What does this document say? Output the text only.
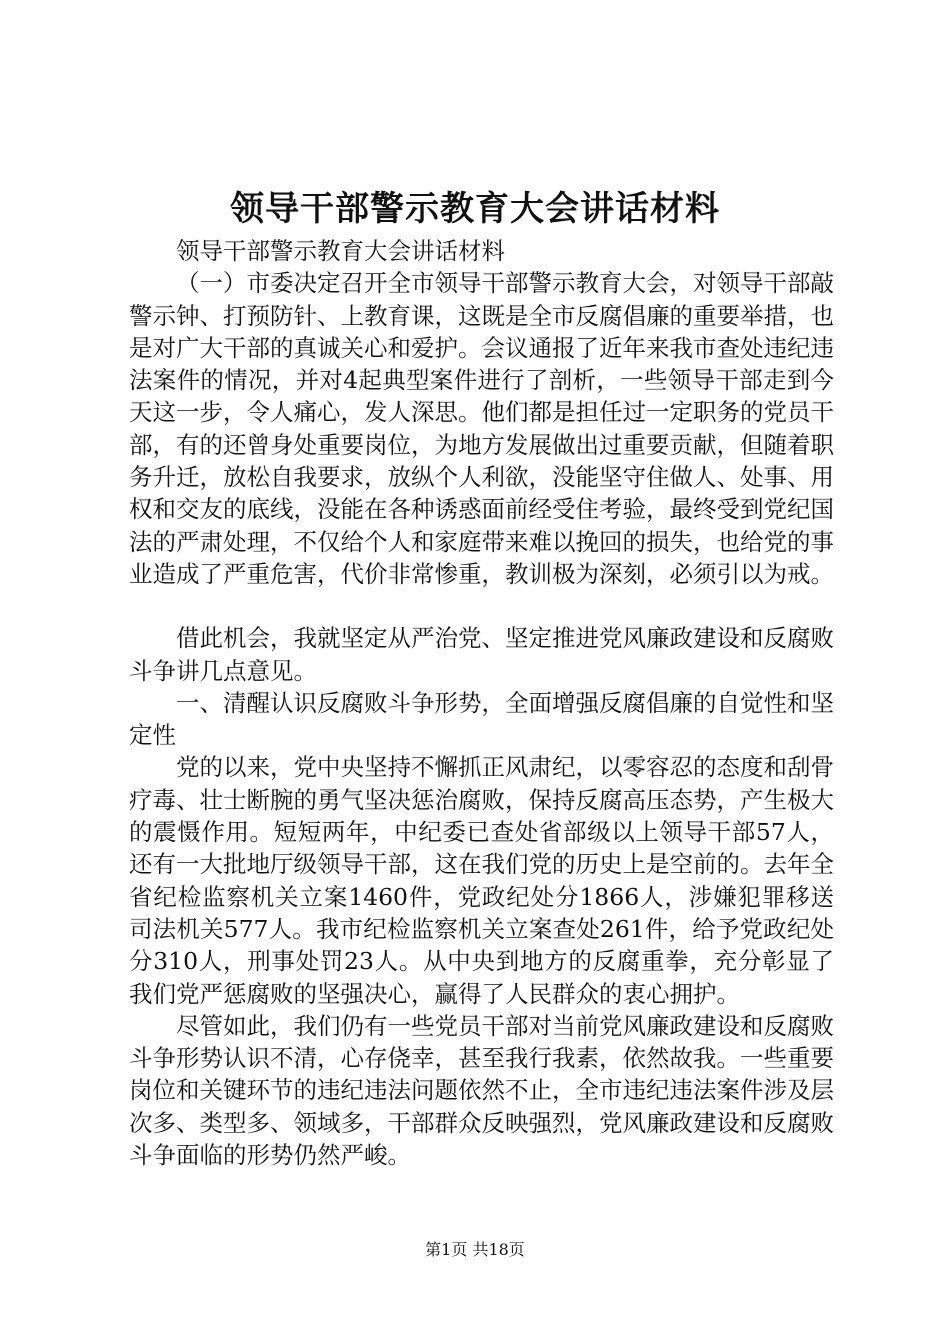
领导干部警示教育大会讲话材料

领导干部警示教育大会讲话材料

（一）市委决定召开全市领导干部警示教育大会，对领导干部敲警示钟、打预防针、上教育课，这既是全市反腐倡廉的重要举措，也是对广大干部的真诚关心和爱护。会议通报了近年来我市查处违纪违法案件的情况，并对4起典型案件进行了剖析，一些领导干部走到今天这一步，令人痛心，发人深思。他们都是担任过一定职务的党员干部，有的还曾身处重要岗位，为地方发展做出过重要贡献，但随着职务升迁，放松自我要求，放纵个人利欲，没能坚守住做人、处事、用权和交友的底线，没能在各种诱惑面前经受住考验，最终受到党纪国法的严肃处理，不仅给个人和家庭带来难以挽回的损失，也给党的事业造成了严重危害，代价非常惨重，教训极为深刻，必须引以为戒。

借此机会，我就坚定从严治党、坚定推进党风廉政建设和反腐败斗争讲几点意见。

一、清醒认识反腐败斗争形势，全面增强反腐倡廉的自觉性和坚定性

党的以来，党中央坚持不懈抓正风肃纪，以零容忍的态度和刮骨疗毒、壮士断腕的勇气坚决惩治腐败，保持反腐高压态势，产生极大的震慑作用。短短两年，中纪委已查处省部级以上领导干部57人，还有一大批地厅级领导干部，这在我们党的历史上是空前的。去年全省纪检监察机关立案1460件，党政纪处分1866人，涉嫌犯罪移送司法机关577人。我市纪检监察机关立案查处261件，给予党政纪处分310人，刑事处罚23人。从中央到地方的反腐重拳，充分彰显了我们党严惩腐败的坚强决心，赢得了人民群众的衷心拥护。

尽管如此，我们仍有一些党员干部对当前党风廉政建设和反腐败斗争形势认识不清，心存侥幸，甚至我行我素，依然故我。一些重要岗位和关键环节的违纪违法问题依然不止，全市违纪违法案件涉及层次多、类型多、领域多，干部群众反映强烈，党风廉政建设和反腐败斗争面临的形势仍然严峻。

第1页 共18页
